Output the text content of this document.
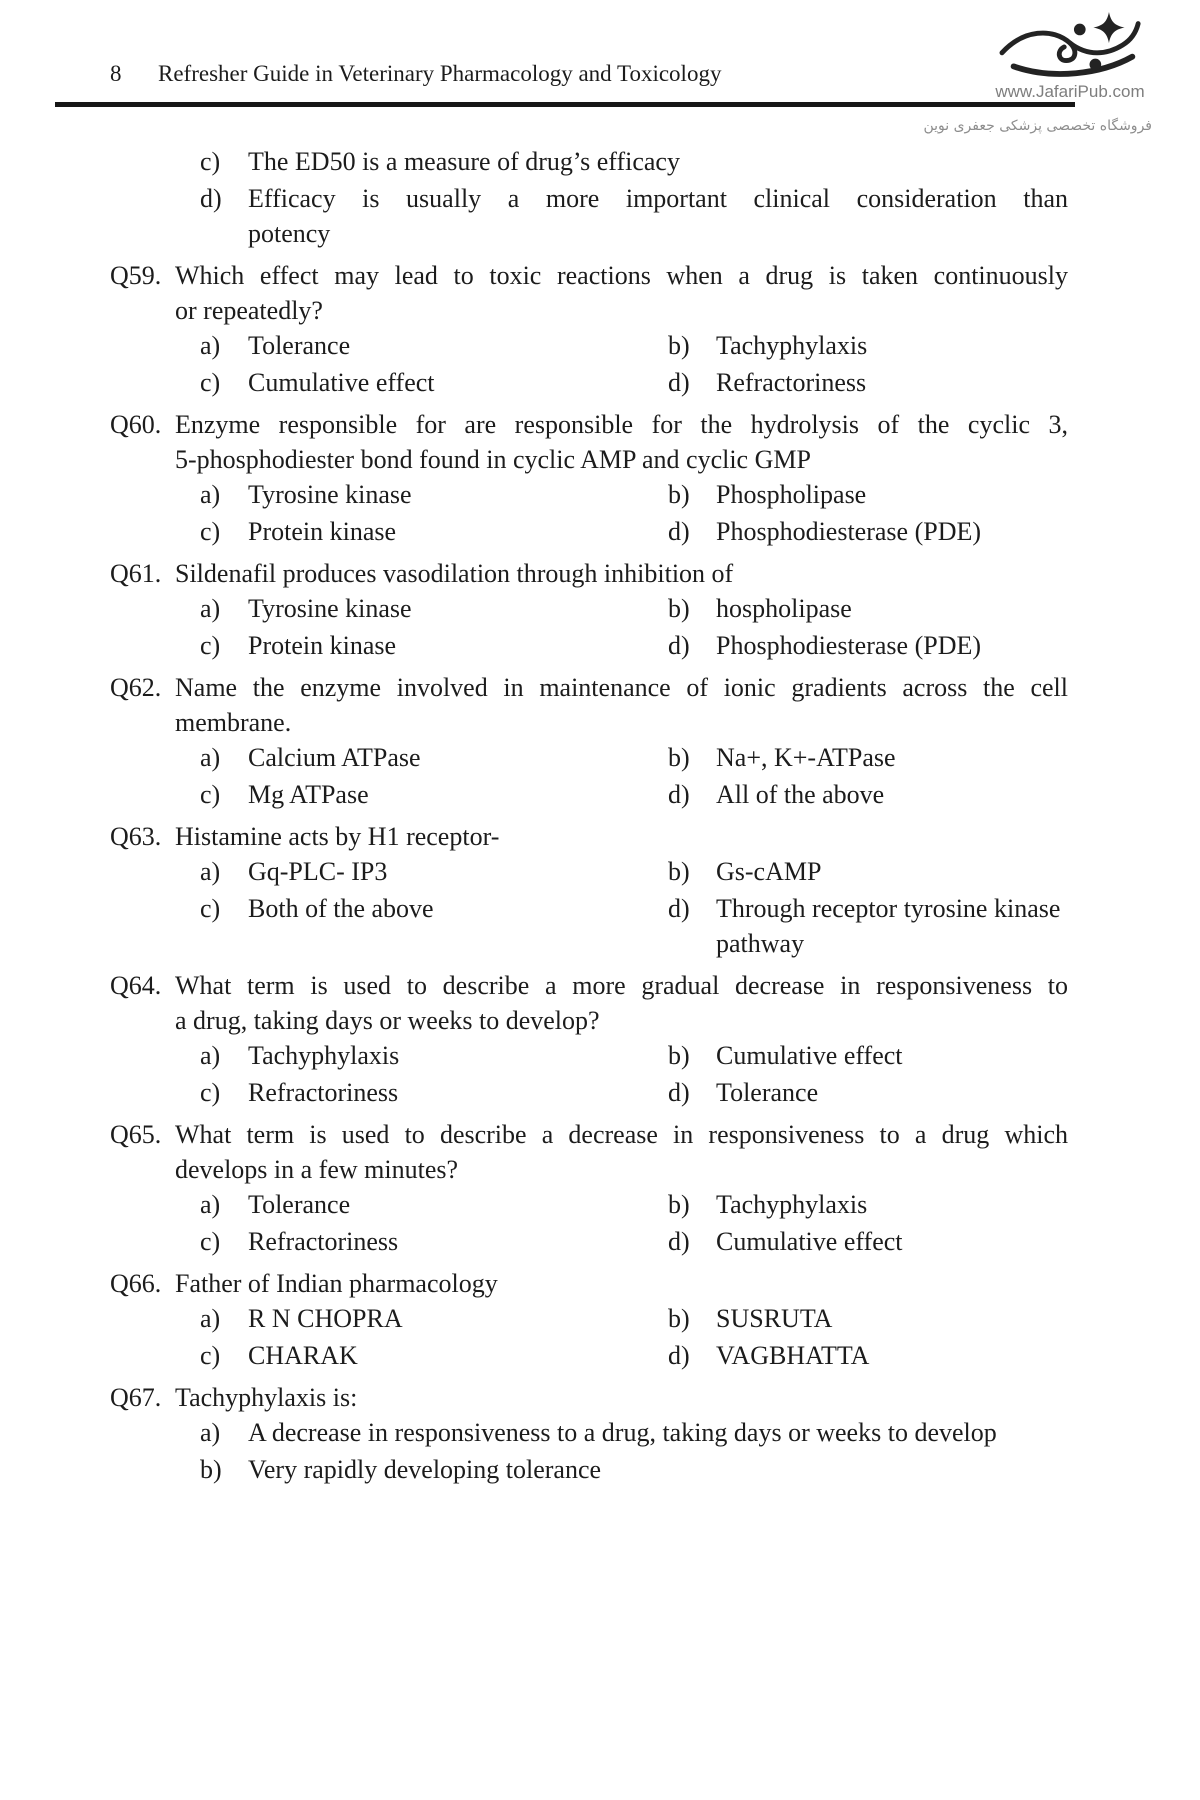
8 Refresher Guide in Veterinary Pharmacology and Toxicology
www.JafariPub.com
فروشگاه تخصصی پزشکی جعفری نوین
c)	The ED50 is a measure of drug’s efficacy
d)	Efficacy is usually a more important clinical consideration than
potency
Q59. Which effect may lead to toxic reactions when a drug is taken continuously
or repeatedly?
a)	Tolerance	b)	Tachyphylaxis
c)	Cumulative effect	d)	Refractoriness
Q60. Enzyme responsible for are responsible for the hydrolysis of the cyclic 3,
5-phosphodiester bond found in cyclic AMP and cyclic GMP
a)	Tyrosine kinase	b)	Phospholipase
c)	Protein kinase	d)	Phosphodiesterase (PDE)
Q61. Sildenafil produces vasodilation through inhibition of
a)	Tyrosine kinase	b)	hospholipase
c)	Protein kinase	d)	Phosphodiesterase (PDE)
Q62. Name the enzyme involved in maintenance of ionic gradients across the cell
membrane.
a)	Calcium ATPase	b)	Na+, K+-ATPase
c)	Mg ATPase	d)	All of the above
Q63. Histamine acts by H1 receptor-
a)	Gq-PLC- IP3	b)	Gs-cAMP
c)	Both of the above	d)	Through receptor tyrosine kinase pathway
Q64. What term is used to describe a more gradual decrease in responsiveness to
a drug, taking days or weeks to develop?
a)	Tachyphylaxis	b)	Cumulative effect
c)	Refractoriness	d)	Tolerance
Q65. What term is used to describe a decrease in responsiveness to a drug which
develops in a few minutes?
a)	Tolerance	b)	Tachyphylaxis
c)	Refractoriness	d)	Cumulative effect
Q66. Father of Indian pharmacology
a)	R N CHOPRA	b)	SUSRUTA
c)	CHARAK	d)	VAGBHATTA
Q67. Tachyphylaxis is:
a)	A decrease in responsiveness to a drug, taking days or weeks to develop
b)	Very rapidly developing tolerance
